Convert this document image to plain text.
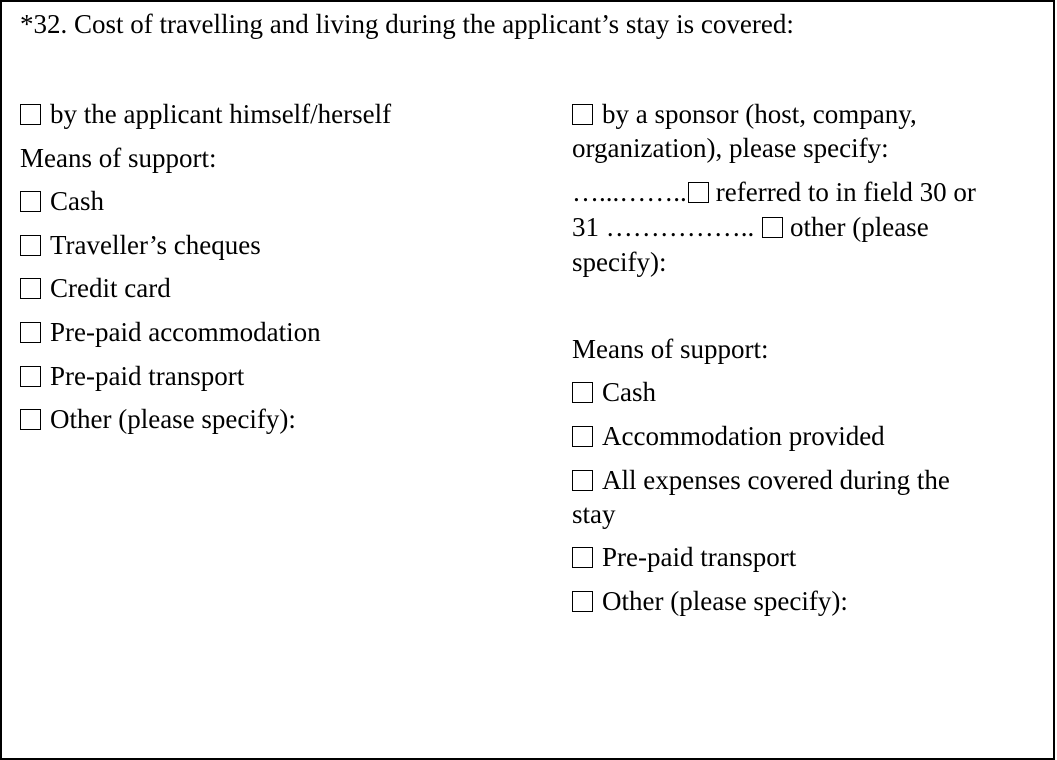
*32. Cost of travelling and living during the applicant’s stay is covered:
by the applicant himself/herself
Means of support:
Cash
Traveller’s cheques
Credit card
Pre-paid accommodation
Pre-paid transport
Other (please specify):
by a sponsor (host, company,
organization), please specify:
…...…….. referred to in field 30 or
31 …………….. other (please
specify):
Means of support:
Cash
Accommodation provided
All expenses covered during the
stay
Pre-paid transport
Other (please specify):
